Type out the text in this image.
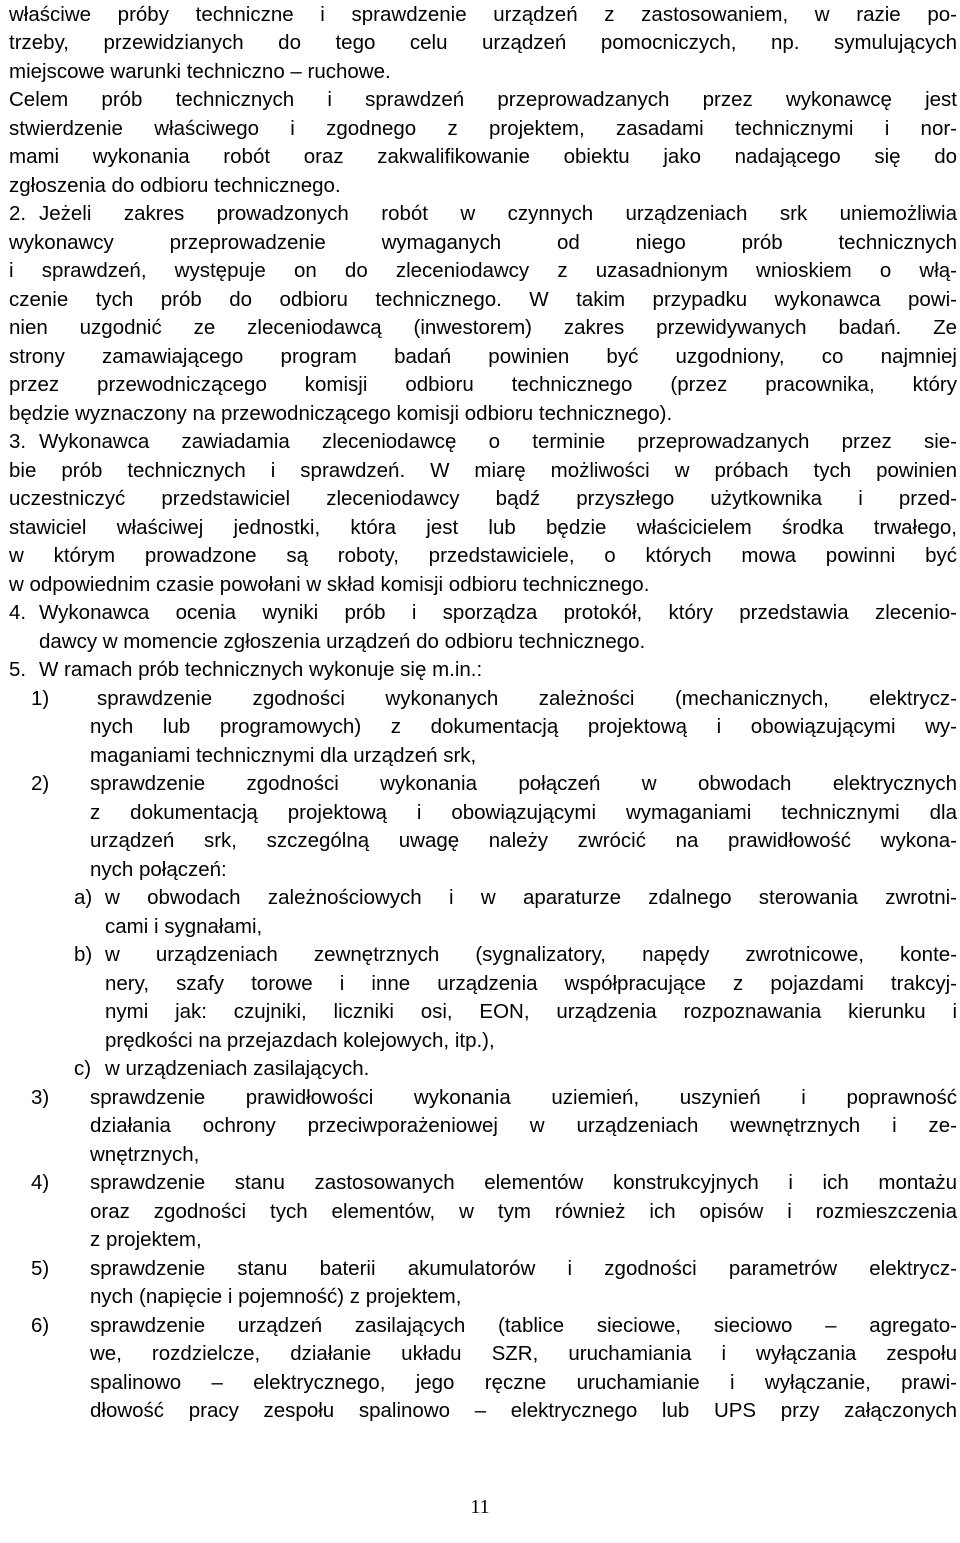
właściwe próby techniczne i sprawdzenie urządzeń z zastosowaniem, w razie po-
trzeby, przewidzianych do tego celu urządzeń pomocniczych, np. symulujących
miejscowe warunki techniczno – ruchowe.
Celem prób technicznych i sprawdzeń przeprowadzanych przez wykonawcę jest
stwierdzenie właściwego i zgodnego z projektem, zasadami technicznymi i nor-
mami wykonania robót oraz zakwalifikowanie obiektu jako nadającego się do
zgłoszenia do odbioru technicznego.
2. Jeżeli zakres prowadzonych robót w czynnych urządzeniach srk uniemożliwia
wykonawcy przeprowadzenie wymaganych od niego prób technicznych
i sprawdzeń, występuje on do zleceniodawcy z uzasadnionym wnioskiem o włą-
czenie tych prób do odbioru technicznego. W takim przypadku wykonawca powi-
nien uzgodnić ze zleceniodawcą (inwestorem) zakres przewidywanych badań. Ze
strony zamawiającego program badań powinien być uzgodniony, co najmniej
przez przewodniczącego komisji odbioru technicznego (przez pracownika, który
będzie wyznaczony na przewodniczącego komisji odbioru technicznego).
3. Wykonawca zawiadamia zleceniodawcę o terminie przeprowadzanych przez sie-
bie prób technicznych i sprawdzeń. W miarę możliwości w próbach tych powinien
uczestniczyć przedstawiciel zleceniodawcy bądź przyszłego użytkownika i przed-
stawiciel właściwej jednostki, która jest lub będzie właścicielem środka trwałego,
w którym prowadzone są roboty, przedstawiciele, o których mowa powinni być
w odpowiednim czasie powołani w skład komisji odbioru technicznego.
4. Wykonawca ocenia wyniki prób i sporządza protokół, który przedstawia zlecenio-
dawcy w momencie zgłoszenia urządzeń do odbioru technicznego.
5. W ramach prób technicznych wykonuje się m.in.:
1) sprawdzenie zgodności wykonanych zależności (mechanicznych, elektrycz-
nych lub programowych) z dokumentacją projektową i obowiązującymi wy-
maganiami technicznymi dla urządzeń srk,
2) sprawdzenie zgodności wykonania połączeń w obwodach elektrycznych
z dokumentacją projektową i obowiązującymi wymaganiami technicznymi dla
urządzeń srk, szczególną uwagę należy zwrócić na prawidłowość wykona-
nych połączeń:
a) w obwodach zależnościowych i w aparaturze zdalnego sterowania zwrotni-
cami i sygnałami,
b) w urządzeniach zewnętrznych (sygnalizatory, napędy zwrotnicowe, konte-
nery, szafy torowe i inne urządzenia współpracujące z pojazdami trakcyj-
nymi jak: czujniki, liczniki osi, EON, urządzenia rozpoznawania kierunku i
prędkości na przejazdach kolejowych, itp.),
c) w urządzeniach zasilających.
3) sprawdzenie prawidłowości wykonania uziemień, uszynień i poprawność
działania ochrony przeciwporażeniowej w urządzeniach wewnętrznych i ze-
wnętrznych,
4) sprawdzenie stanu zastosowanych elementów konstrukcyjnych i ich montażu
oraz zgodności tych elementów, w tym również ich opisów i rozmieszczenia
z projektem,
5) sprawdzenie stanu baterii akumulatorów i zgodności parametrów elektrycz-
nych (napięcie i pojemność) z projektem,
6) sprawdzenie urządzeń zasilających (tablice sieciowe, sieciowo – agregato-
we, rozdzielcze, działanie układu SZR, uruchamiania i wyłączania zespołu
spalinowo – elektrycznego, jego ręczne uruchamianie i wyłączanie, prawi-
dłowość pracy zespołu spalinowo – elektrycznego lub UPS przy załączonych
11
